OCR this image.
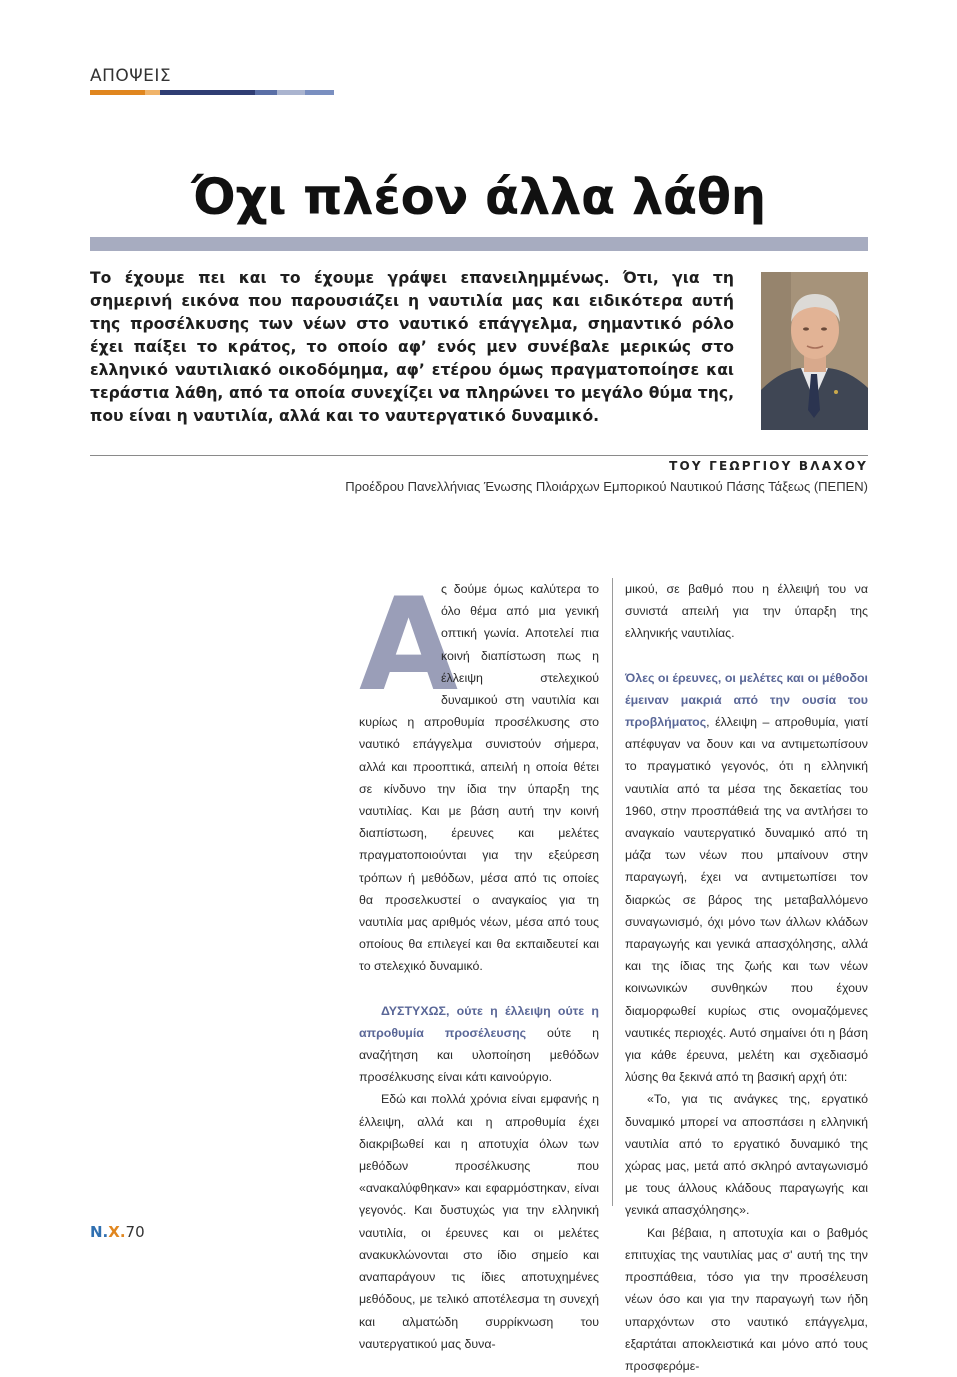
ΑΠΟΨΕΙΣ
Όχι πλέον άλλα λάθη
Το έχουμε πει και το έχουμε γράψει επανειλημμένως. Ότι, για τη σημερινή εικόνα που παρουσιάζει η ναυτιλία μας και ειδικότερα αυτή της προσέλκυσης των νέων στο ναυτικό επάγγελμα, σημαντικό ρόλο έχει παίξει το κράτος, το οποίο αφ’ ενός μεν συνέβαλε μερικώς στο ελληνικό ναυτιλιακό οικοδόμημα, αφ’ ετέρου όμως πραγματοποίησε και τεράστια λάθη, από τα οποία συνεχίζει να πληρώνει το μεγάλο θύμα της, που είναι η ναυτιλία, αλλά και το ναυτεργατικό δυναμικό.
ΤΟΥ ΓΕΩΡΓΙΟΥ ΒΛΑΧΟΥ
Προέδρου Πανελλήνιας Ένωσης Πλοιάρχων Εμπορικού Ναυτικού Πάσης Τάξεως (ΠΕΠΕΝ)

Α
ς δούμε όμως καλύτερα το όλο θέμα από μια γενική οπτική γωνία. Αποτελεί πια κοινή διαπίστωση πως η έλλειψη στελεχικού δυναμικού στη ναυτιλία και κυρίως η απροθυμία προσέλκυσης στο ναυτικό επάγγελμα συνιστούν σήμερα, αλλά και προοπτικά, απειλή η οποία θέτει σε κίνδυνο την ίδια την ύπαρξη της ναυτιλίας. Και με βάση αυτή την κοινή διαπίστωση, έρευνες και μελέτες πραγματοποιούνται για την εξεύρεση τρόπων ή μεθόδων, μέσα από τις οποίες θα προσελκυστεί ο αναγκαίος για τη ναυτιλία μας αριθμός νέων, μέσα από τους οποίους θα επιλεγεί και θα εκπαιδευτεί και το στελεχικό δυναμικό.

ΔΥΣΤΥΧΩΣ, ούτε η έλλειψη ούτε η απροθυμία προσέλευσης ούτε η αναζήτηση και υλοποίηση μεθόδων προσέλκυσης είναι κάτι καινούργιο.

Εδώ και πολλά χρόνια είναι εμφανής η έλλειψη, αλλά και η απροθυμία έχει διακριβωθεί και η αποτυχία όλων των μεθόδων προσέλκυσης που «ανακαλύφθηκαν» και εφαρμόστηκαν, είναι γεγονός. Και δυστυχώς για την ελληνική ναυτιλία, οι έρευνες και οι μελέτες ανακυκλώνονται στο ίδιο σημείο και αναπαράγουν τις ίδιες αποτυχημένες μεθόδους, με τελικό αποτέλεσμα τη συνεχή και αλματώδη συρρίκνωση του ναυτεργατικού μας δυνα-

μικού, σε βαθμό που η έλλειψή του να συνιστά απειλή για την ύπαρξη της ελληνικής ναυτιλίας.

Όλες οι έρευνες, οι μελέτες και οι μέθοδοι έμειναν μακριά από την ουσία του προβλήματος, έλλειψη – απροθυμία, γιατί απέφυγαν να δουν και να αντιμετωπίσουν το πραγματικό γεγονός, ότι η ελληνική ναυτιλία από τα μέσα της δεκαετίας του 1960, στην προσπάθειά της να αντλήσει το αναγκαίο ναυτεργατικό δυναμικό από τη μάζα των νέων που μπαίνουν στην παραγωγή, έχει να αντιμετωπίσει τον διαρκώς σε βάρος της μεταβαλλόμενο συναγωνισμό, όχι μόνο των άλλων κλάδων παραγωγής και γενικά απασχόλησης, αλλά και της ίδιας της ζωής και των νέων κοινωνικών συνθηκών που έχουν διαμορφωθεί κυρίως στις ονομαζόμενες ναυτικές περιοχές. Αυτό σημαίνει ότι η βάση για κάθε έρευνα, μελέτη και σχεδιασμό λύσης θα ξεκινά από τη βασική αρχή ότι:

«Το, για τις ανάγκες της, εργατικό δυναμικό μπορεί να αποσπάσει η ελληνική ναυτιλία από το εργατικό δυναμικό της χώρας μας, μετά από σκληρό ανταγωνισμό με τους άλλους κλάδους παραγωγής και γενικά απασχόλησης».

Και βέβαια, η αποτυχία και ο βαθμός επιτυχίας της ναυτιλίας μας σ' αυτή της την προσπάθεια, τόσο για την προσέλευση νέων όσο και για την παραγωγή των ήδη υπαρχόντων στο ναυτικό επάγγελμα, εξαρτάται αποκλειστικά και μόνο από τους προσφερόμε-

Ν.Χ.70
